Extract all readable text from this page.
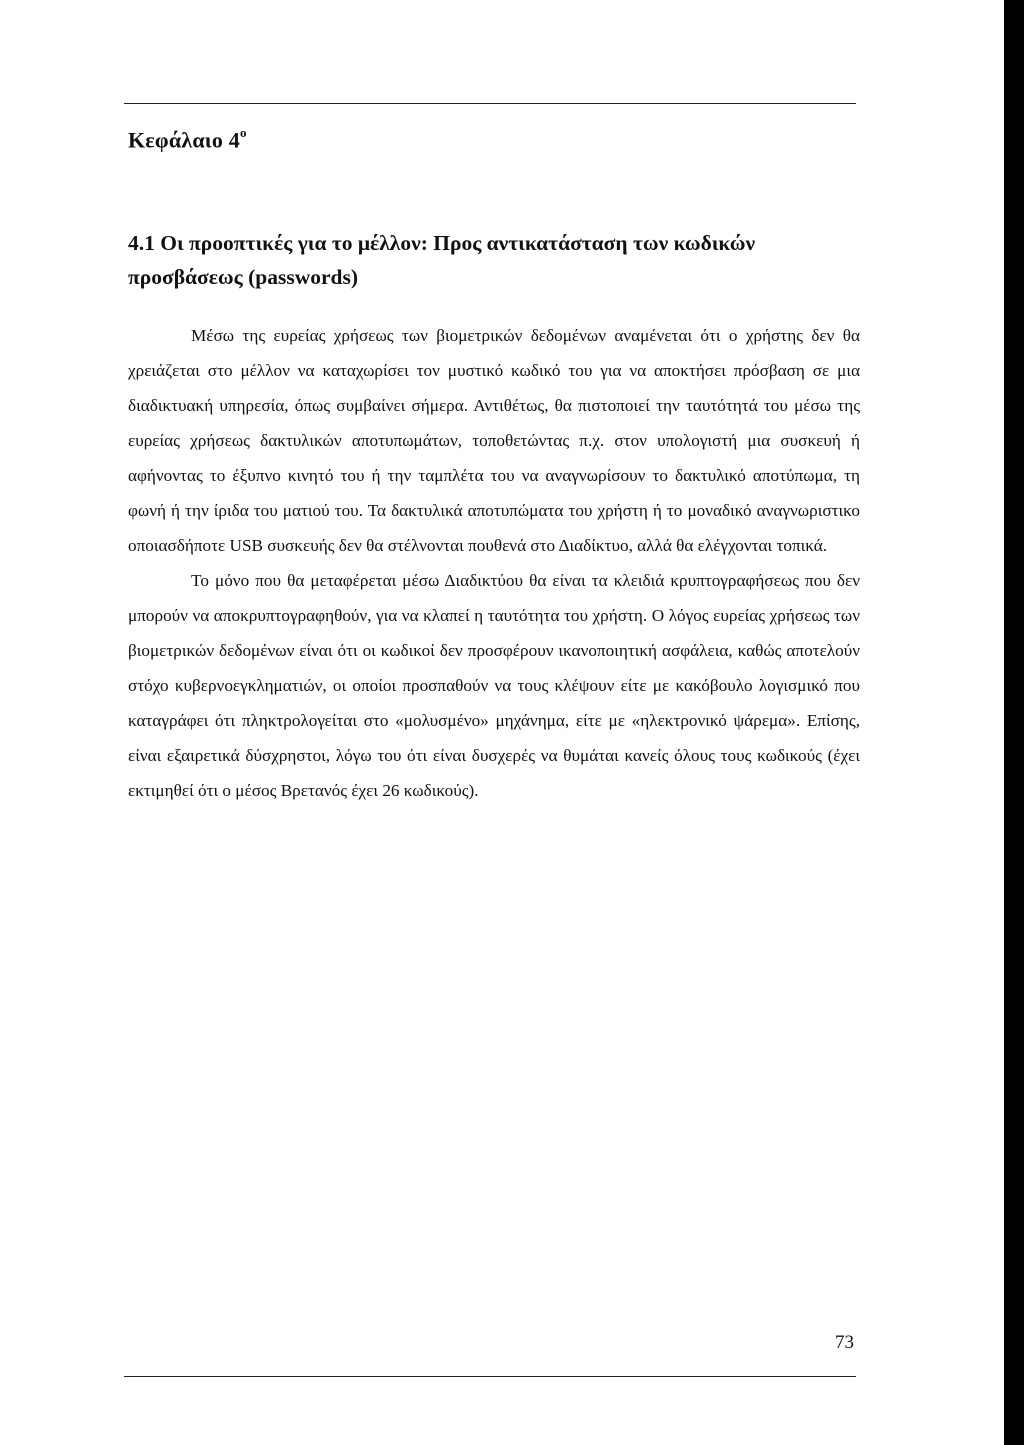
Κεφάλαιο $4^o$
4.1 Οι προοπτικές για το μέλλον: Προς αντικατάσταση των κωδικών προσβάσεως (passwords)

Μέσω της ευρείας χρήσεως των βιομετρικών δεδομένων αναμένεται ότι ο χρήστης δεν θα χρειάζεται στο μέλλον να καταχωρίσει τον μυστικό κωδικό του για να αποκτήσει πρόσβαση σε μια διαδικτυακή υπηρεσία, όπως συμβαίνει σήμερα. Αντιθέτως, θα πιστοποιεί την ταυτότητά του μέσω της ευρείας χρήσεως δακτυλικών αποτυπωμάτων, τοποθετώντας π.χ. στον υπολογιστή μια συσκευή ή αφήνοντας το έξυπνο κινητό του ή την ταμπλέτα του να αναγνωρίσουν το δακτυλικό αποτύπωμα, τη φωνή ή την ίριδα του ματιού του. Τα δακτυλικά αποτυπώματα του χρήστη ή το μοναδικό αναγνωριστικο οποιασδήποτε USB συσκευής δεν θα στέλνονται πουθενά στο Διαδίκτυο, αλλά θα ελέγχονται τοπικά.

Το μόνο που θα μεταφέρεται μέσω Διαδικτύου θα είναι τα κλειδιά κρυπτογραφήσεως που δεν μπορούν να αποκρυπτογραφηθούν, για να κλαπεί η ταυτότητα του χρήστη. Ο λόγος ευρείας χρήσεως των βιομετρικών δεδομένων είναι ότι οι κωδικοί δεν προσφέρουν ικανοποιητική ασφάλεια, καθώς αποτελούν στόχο κυβερνοεγκληματιών, οι οποίοι προσπαθούν να τους κλέψουν είτε με κακόβουλο λογισμικό που καταγράφει ότι πληκτρολογείται στο «μολυσμένο» μηχάνημα, είτε με «ηλεκτρονικό ψάρεμα». Επίσης, είναι εξαιρετικά δύσχρηστοι, λόγω του ότι είναι δυσχερές να θυμάται κανείς όλους τους κωδικούς (έχει εκτιμηθεί ότι ο μέσος Βρετανός έχει 26 κωδικούς).

73
